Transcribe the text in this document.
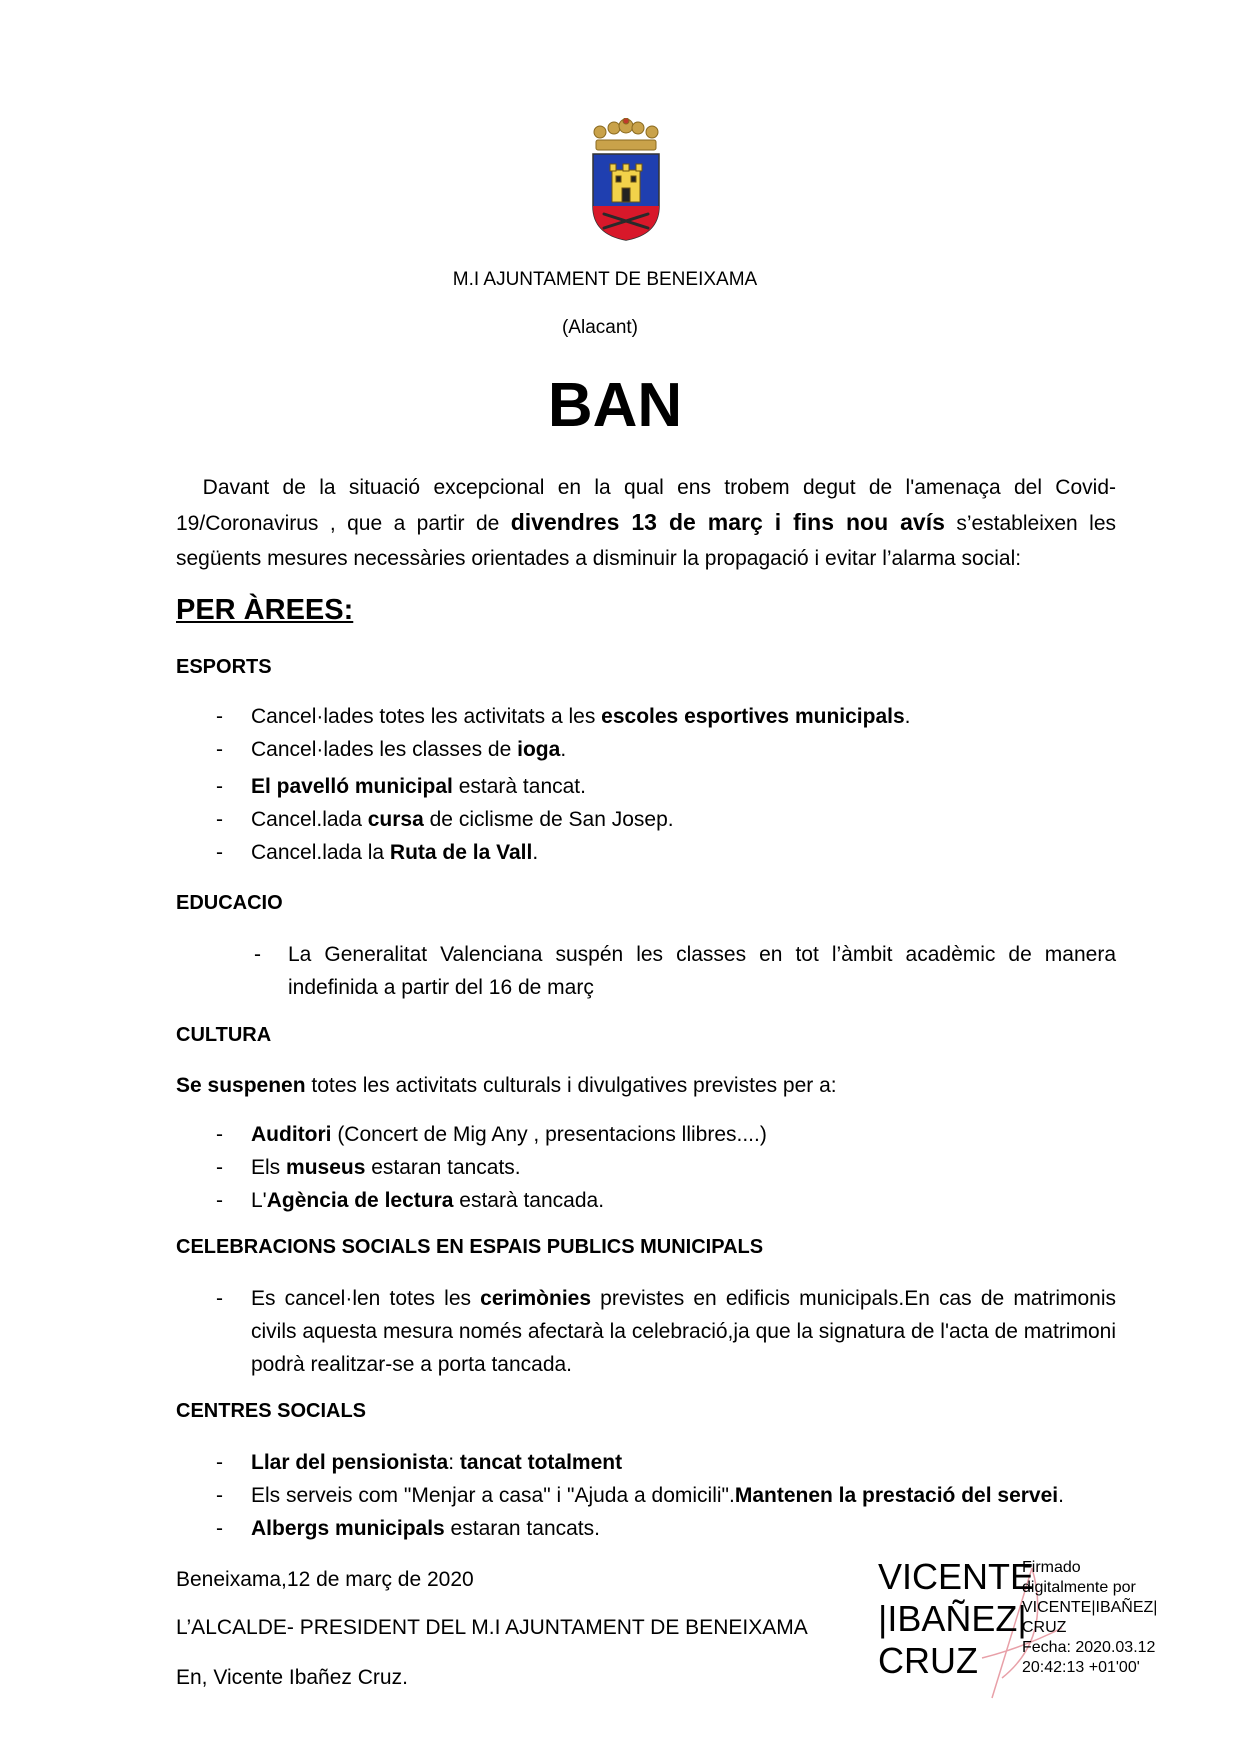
M.I AJUNTAMENT DE BENEIXAMA
(Alacant)
BAN
Davant de la situació excepcional en la qual ens trobem degut de l'amenaça del Covid-19/Coronavirus , que a partir de divendres 13 de març i fins nou avís s’estableixen les següents mesures necessàries orientades a disminuir la propagació i evitar l’alarma social:
PER ÀREES:
ESPORTS
- Cancel·lades totes les activitats a les escoles esportives municipals.
- Cancel·lades les classes de ioga.
- El pavelló municipal estarà tancat.
- Cancel.lada cursa de ciclisme de San Josep.
- Cancel.lada la Ruta de la Vall.
EDUCACIO
- La Generalitat Valenciana suspén les classes en tot l’àmbit acadèmic de manera indefinida a partir del 16 de març
CULTURA
Se suspenen totes les activitats culturals i divulgatives previstes per a:
- Auditori (Concert de Mig Any , presentacions llibres....)
- Els museus estaran tancats.
- L'Agència de lectura estarà tancada.
CELEBRACIONS SOCIALS EN ESPAIS PUBLICS MUNICIPALS
- Es cancel·len totes les cerimònies previstes en edificis municipals.En cas de matrimonis civils aquesta mesura només afectarà la celebració,ja que la signatura de l'acta de matrimoni podrà realitzar-se a porta tancada.
CENTRES SOCIALS
- Llar del pensionista: tancat totalment
- Els serveis com "Menjar a casa" i "Ajuda a domicili".Mantenen la prestació del servei.
- Albergs municipals estaran tancats.
Beneixama,12 de març de 2020
L’ALCALDE- PRESIDENT DEL M.I AJUNTAMENT DE BENEIXAMA
En, Vicente Ibañez Cruz.
VICENTE
|IBAÑEZ|
CRUZ
Firmado
digitalmente por
VICENTE|IBAÑEZ|
CRUZ
Fecha: 2020.03.12
20:42:13 +01'00'
